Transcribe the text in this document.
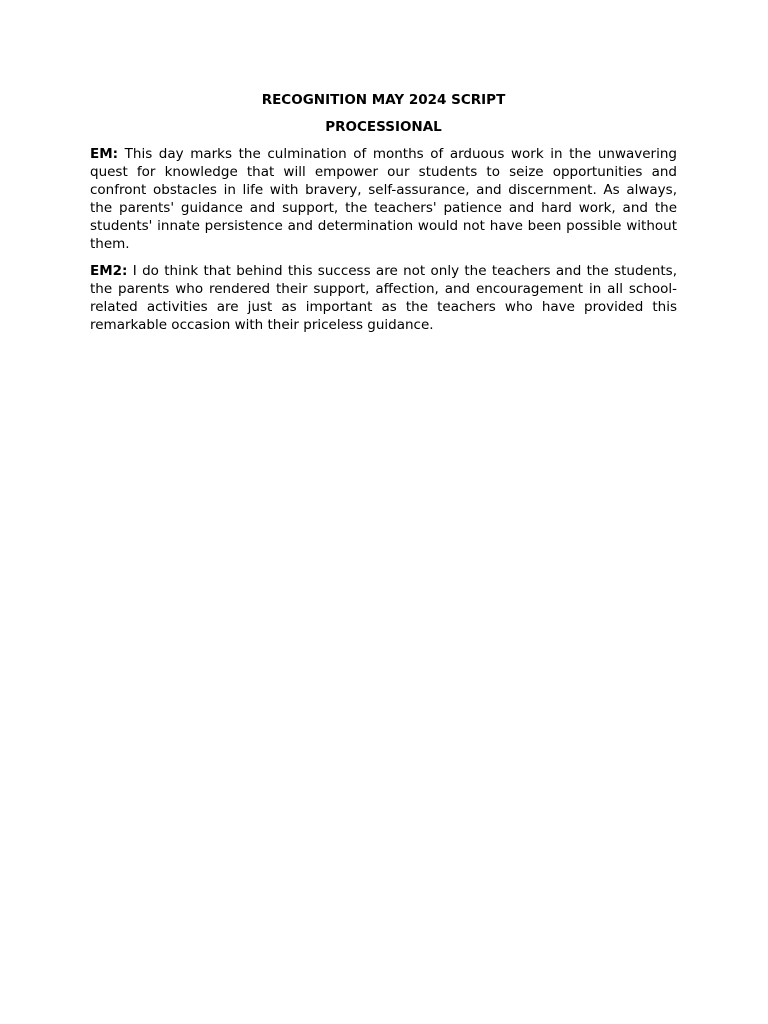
RECOGNITION MAY 2024 SCRIPT
PROCESSIONAL

EM: This day marks the culmination of months of arduous work in the unwavering quest for knowledge that will empower our students to seize opportunities and confront obstacles in life with bravery, self-assurance, and discernment. As always, the parents' guidance and support, the teachers' patience and hard work, and the students' innate persistence and determination would not have been possible without them.

EM2: I do think that behind this success are not only the teachers and the students, the parents who rendered their support, affection, and encouragement in all school-related activities are just as important as the teachers who have provided this remarkable occasion with their priceless guidance.
